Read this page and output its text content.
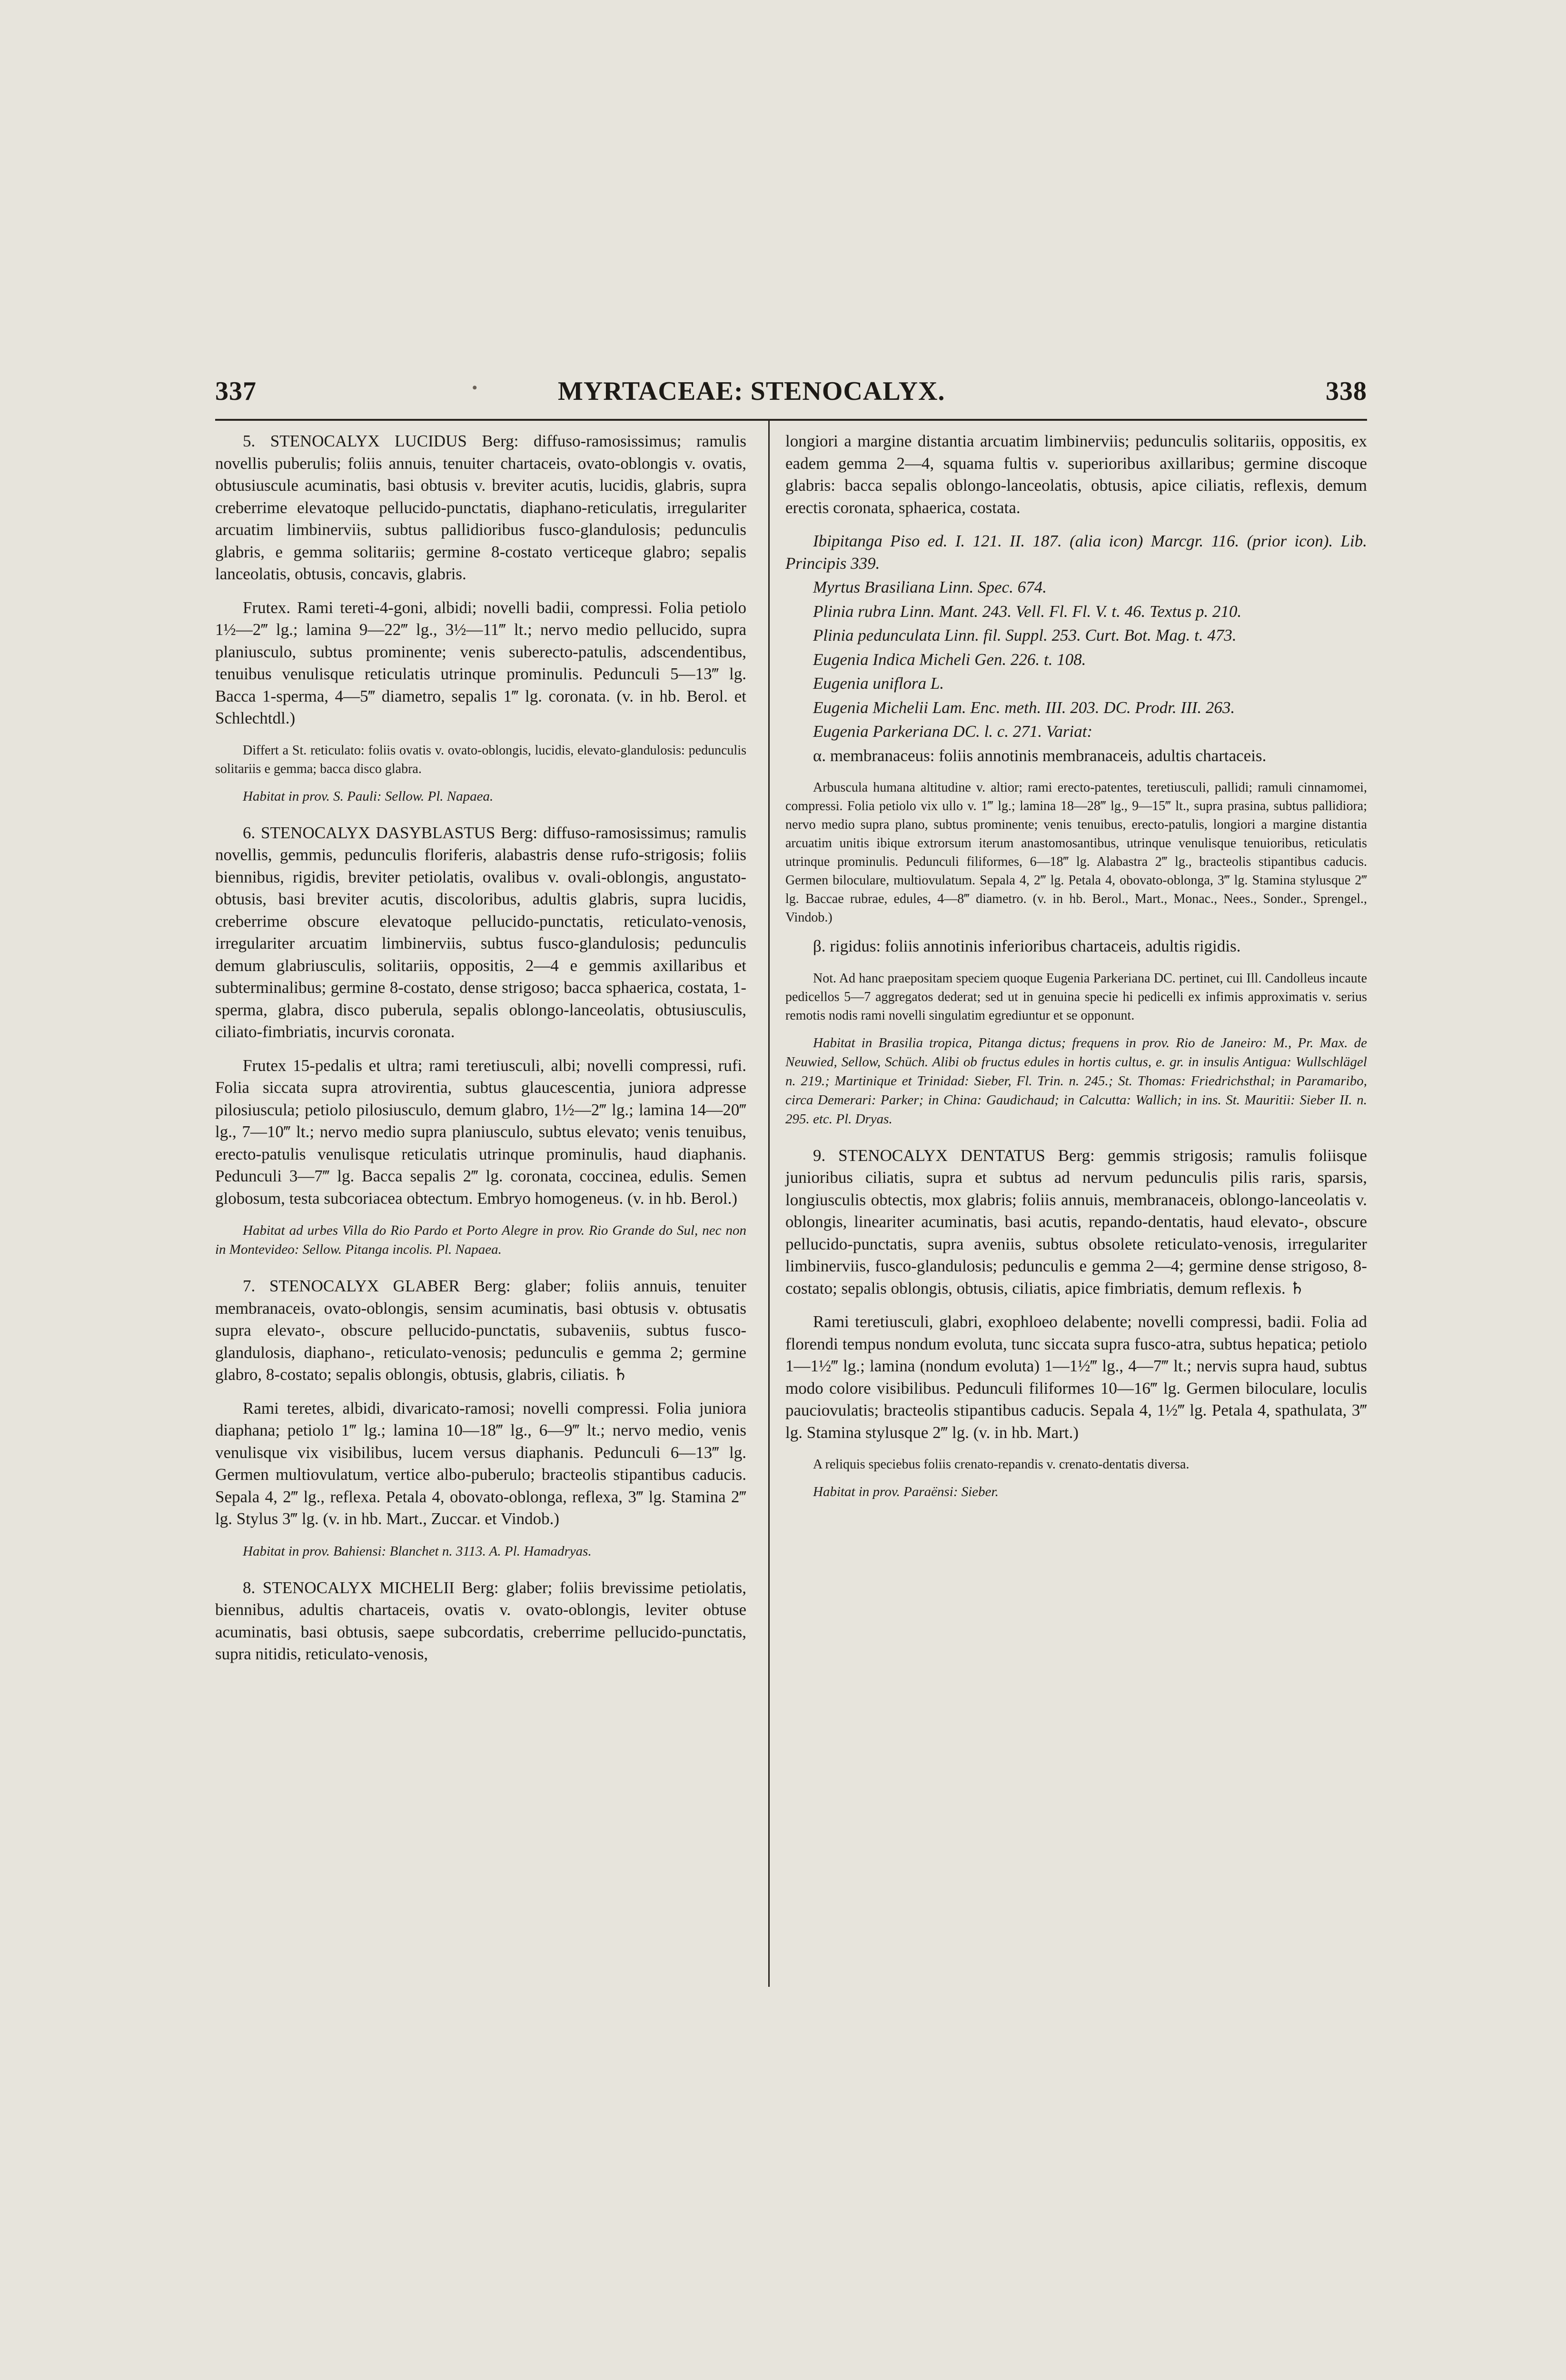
337	•	MYRTACEAE: STENOCALYX.	338

5. STENOCALYX LUCIDUS Berg: diffuso-ramosissimus; ramulis novellis puberulis; foliis annuis, tenuiter chartaceis, ovato-oblongis v. ovatis, obtusiuscule acuminatis, basi obtusis v. breviter acutis, lucidis, glabris, supra creberrime elevatoque pellucido-punctatis, diaphano-reticulatis, irregulariter arcuatim limbinerviis, subtus pallidioribus fusco-glandulosis; pedunculis glabris, e gemma solitariis; germine 8-costato verticeque glabro; sepalis lanceolatis, obtusis, concavis, glabris.

Frutex. Rami tereti-4-goni, albidi; novelli badii, compressi. Folia petiolo 1½—2‴ lg.; lamina 9—22‴ lg., 3½—11‴ lt.; nervo medio pellucido, supra planiusculo, subtus prominente; venis suberecto-patulis, adscendentibus, tenuibus venulisque reticulatis utrinque prominulis. Pedunculi 5—13‴ lg. Bacca 1-sperma, 4—5‴ diametro, sepalis 1‴ lg. coronata. (v. in hb. Berol. et Schlechtdl.)

Differt a St. reticulato: foliis ovatis v. ovato-oblongis, lucidis, elevato-glandulosis: pedunculis solitariis e gemma; bacca disco glabra.

Habitat in prov. S. Pauli: Sellow. Pl. Napaea.

6. STENOCALYX DASYBLASTUS Berg: diffuso-ramosissimus; ramulis novellis, gemmis, pedunculis floriferis, alabastris dense rufo-strigosis; foliis biennibus, rigidis, breviter petiolatis, ovalibus v. ovali-oblongis, angustato-obtusis, basi breviter acutis, discoloribus, adultis glabris, supra lucidis, creberrime obscure elevatoque pellucido-punctatis, reticulato-venosis, irregulariter arcuatim limbinerviis, subtus fusco-glandulosis; pedunculis demum glabriusculis, solitariis, oppositis, 2—4 e gemmis axillaribus et subterminalibus; germine 8-costato, dense strigoso; bacca sphaerica, costata, 1-sperma, glabra, disco puberula, sepalis oblongo-lanceolatis, obtusiusculis, ciliato-fimbriatis, incurvis coronata.

Frutex 15-pedalis et ultra; rami teretiusculi, albi; novelli compressi, rufi. Folia siccata supra atrovirentia, subtus glaucescentia, juniora adpresse pilosiuscula; petiolo pilosiusculo, demum glabro, 1½—2‴ lg.; lamina 14—20‴ lg., 7—10‴ lt.; nervo medio supra planiusculo, subtus elevato; venis tenuibus, erecto-patulis venulisque reticulatis utrinque prominulis, haud diaphanis. Pedunculi 3—7‴ lg. Bacca sepalis 2‴ lg. coronata, coccinea, edulis. Semen globosum, testa subcoriacea obtectum. Embryo homogeneus. (v. in hb. Berol.)

Habitat ad urbes Villa do Rio Pardo et Porto Alegre in prov. Rio Grande do Sul, nec non in Montevideo: Sellow. Pitanga incolis. Pl. Napaea.

7. STENOCALYX GLABER Berg: glaber; foliis annuis, tenuiter membranaceis, ovato-oblongis, sensim acuminatis, basi obtusis v. obtusatis supra elevato-, obscure pellucido-punctatis, subaveniis, subtus fusco-glandulosis, diaphano-, reticulato-venosis; pedunculis e gemma 2; germine glabro, 8-costato; sepalis oblongis, obtusis, glabris, ciliatis. ♄

Rami teretes, albidi, divaricato-ramosi; novelli compressi. Folia juniora diaphana; petiolo 1‴ lg.; lamina 10—18‴ lg., 6—9‴ lt.; nervo medio, venis venulisque vix visibilibus, lucem versus diaphanis. Pedunculi 6—13‴ lg. Germen multiovulatum, vertice albo-puberulo; bracteolis stipantibus caducis. Sepala 4, 2‴ lg., reflexa. Petala 4, obovato-oblonga, reflexa, 3‴ lg. Stamina 2‴ lg. Stylus 3‴ lg. (v. in hb. Mart., Zuccar. et Vindob.)

Habitat in prov. Bahiensi: Blanchet n. 3113. A. Pl. Hamadryas.

8. STENOCALYX MICHELII Berg: glaber; foliis brevissime petiolatis, biennibus, adultis chartaceis, ovatis v. ovato-oblongis, leviter obtuse acuminatis, basi obtusis, saepe subcordatis, creberrime pellucido-punctatis, supra nitidis, reticulato-venosis,

longiori a margine distantia arcuatim limbinerviis; pedunculis solitariis, oppositis, ex eadem gemma 2—4, squama fultis v. superioribus axillaribus; germine discoque glabris: bacca sepalis oblongo-lanceolatis, obtusis, apice ciliatis, reflexis, demum erectis coronata, sphaerica, costata.

Ibipitanga Piso ed. I. 121. II. 187. (alia icon) Marcgr. 116. (prior icon). Lib. Principis 339.

Myrtus Brasiliana Linn. Spec. 674.

Plinia rubra Linn. Mant. 243. Vell. Fl. Fl. V. t. 46. Textus p. 210.

Plinia pedunculata Linn. fil. Suppl. 253. Curt. Bot. Mag. t. 473.

Eugenia Indica Micheli Gen. 226. t. 108.

Eugenia uniflora L.

Eugenia Michelii Lam. Enc. meth. III. 203. DC. Prodr. III. 263.

Eugenia Parkeriana DC. l. c. 271. Variat:

α. membranaceus: foliis annotinis membranaceis, adultis chartaceis.

Arbuscula humana altitudine v. altior; rami erecto-patentes, teretiusculi, pallidi; ramuli cinnamomei, compressi. Folia petiolo vix ullo v. 1‴ lg.; lamina 18—28‴ lg., 9—15‴ lt., supra prasina, subtus pallidiora; nervo medio supra plano, subtus prominente; venis tenuibus, erecto-patulis, longiori a margine distantia arcuatim unitis ibique extrorsum iterum anastomosantibus, utrinque venulisque tenuioribus, reticulatis utrinque prominulis. Pedunculi filiformes, 6—18‴ lg. Alabastra 2‴ lg., bracteolis stipantibus caducis. Germen biloculare, multiovulatum. Sepala 4, 2‴ lg. Petala 4, obovato-oblonga, 3‴ lg. Stamina stylusque 2‴ lg. Baccae rubrae, edules, 4—8‴ diametro. (v. in hb. Berol., Mart., Monac., Nees., Sonder., Sprengel., Vindob.)

β. rigidus: foliis annotinis inferioribus chartaceis, adultis rigidis.

Not. Ad hanc praepositam speciem quoque Eugenia Parkeriana DC. pertinet, cui Ill. Candolleus incaute pedicellos 5—7 aggregatos dederat; sed ut in genuina specie hi pedicelli ex infimis approximatis v. serius remotis nodis rami novelli singulatim egrediuntur et se opponunt.

Habitat in Brasilia tropica, Pitanga dictus; frequens in prov. Rio de Janeiro: M., Pr. Max. de Neuwied, Sellow, Schüch. Alibi ob fructus edules in hortis cultus, e. gr. in insulis Antigua: Wullschlägel n. 219.; Martinique et Trinidad: Sieber, Fl. Trin. n. 245.; St. Thomas: Friedrichsthal; in Paramaribo, circa Demerari: Parker; in China: Gaudichaud; in Calcutta: Wallich; in ins. St. Mauritii: Sieber II. n. 295. etc. Pl. Dryas.

9. STENOCALYX DENTATUS Berg: gemmis strigosis; ramulis foliisque junioribus ciliatis, supra et subtus ad nervum pedunculis pilis raris, sparsis, longiusculis obtectis, mox glabris; foliis annuis, membranaceis, oblongo-lanceolatis v. oblongis, lineariter acuminatis, basi acutis, repando-dentatis, haud elevato-, obscure pellucido-punctatis, supra aveniis, subtus obsolete reticulato-venosis, irregulariter limbinerviis, fusco-glandulosis; pedunculis e gemma 2—4; germine dense strigoso, 8-costato; sepalis oblongis, obtusis, ciliatis, apice fimbriatis, demum reflexis. ♄

Rami teretiusculi, glabri, exophloeo delabente; novelli compressi, badii. Folia ad florendi tempus nondum evoluta, tunc siccata supra fusco-atra, subtus hepatica; petiolo 1—1½‴ lg.; lamina (nondum evoluta) 1—1½‴ lg., 4—7‴ lt.; nervis supra haud, subtus modo colore visibilibus. Pedunculi filiformes 10—16‴ lg. Germen biloculare, loculis pauciovulatis; bracteolis stipantibus caducis. Sepala 4, 1½‴ lg. Petala 4, spathulata, 3‴ lg. Stamina stylusque 2‴ lg. (v. in hb. Mart.)

A reliquis speciebus foliis crenato-repandis v. crenato-dentatis diversa.

Habitat in prov. Paraënsi: Sieber.
